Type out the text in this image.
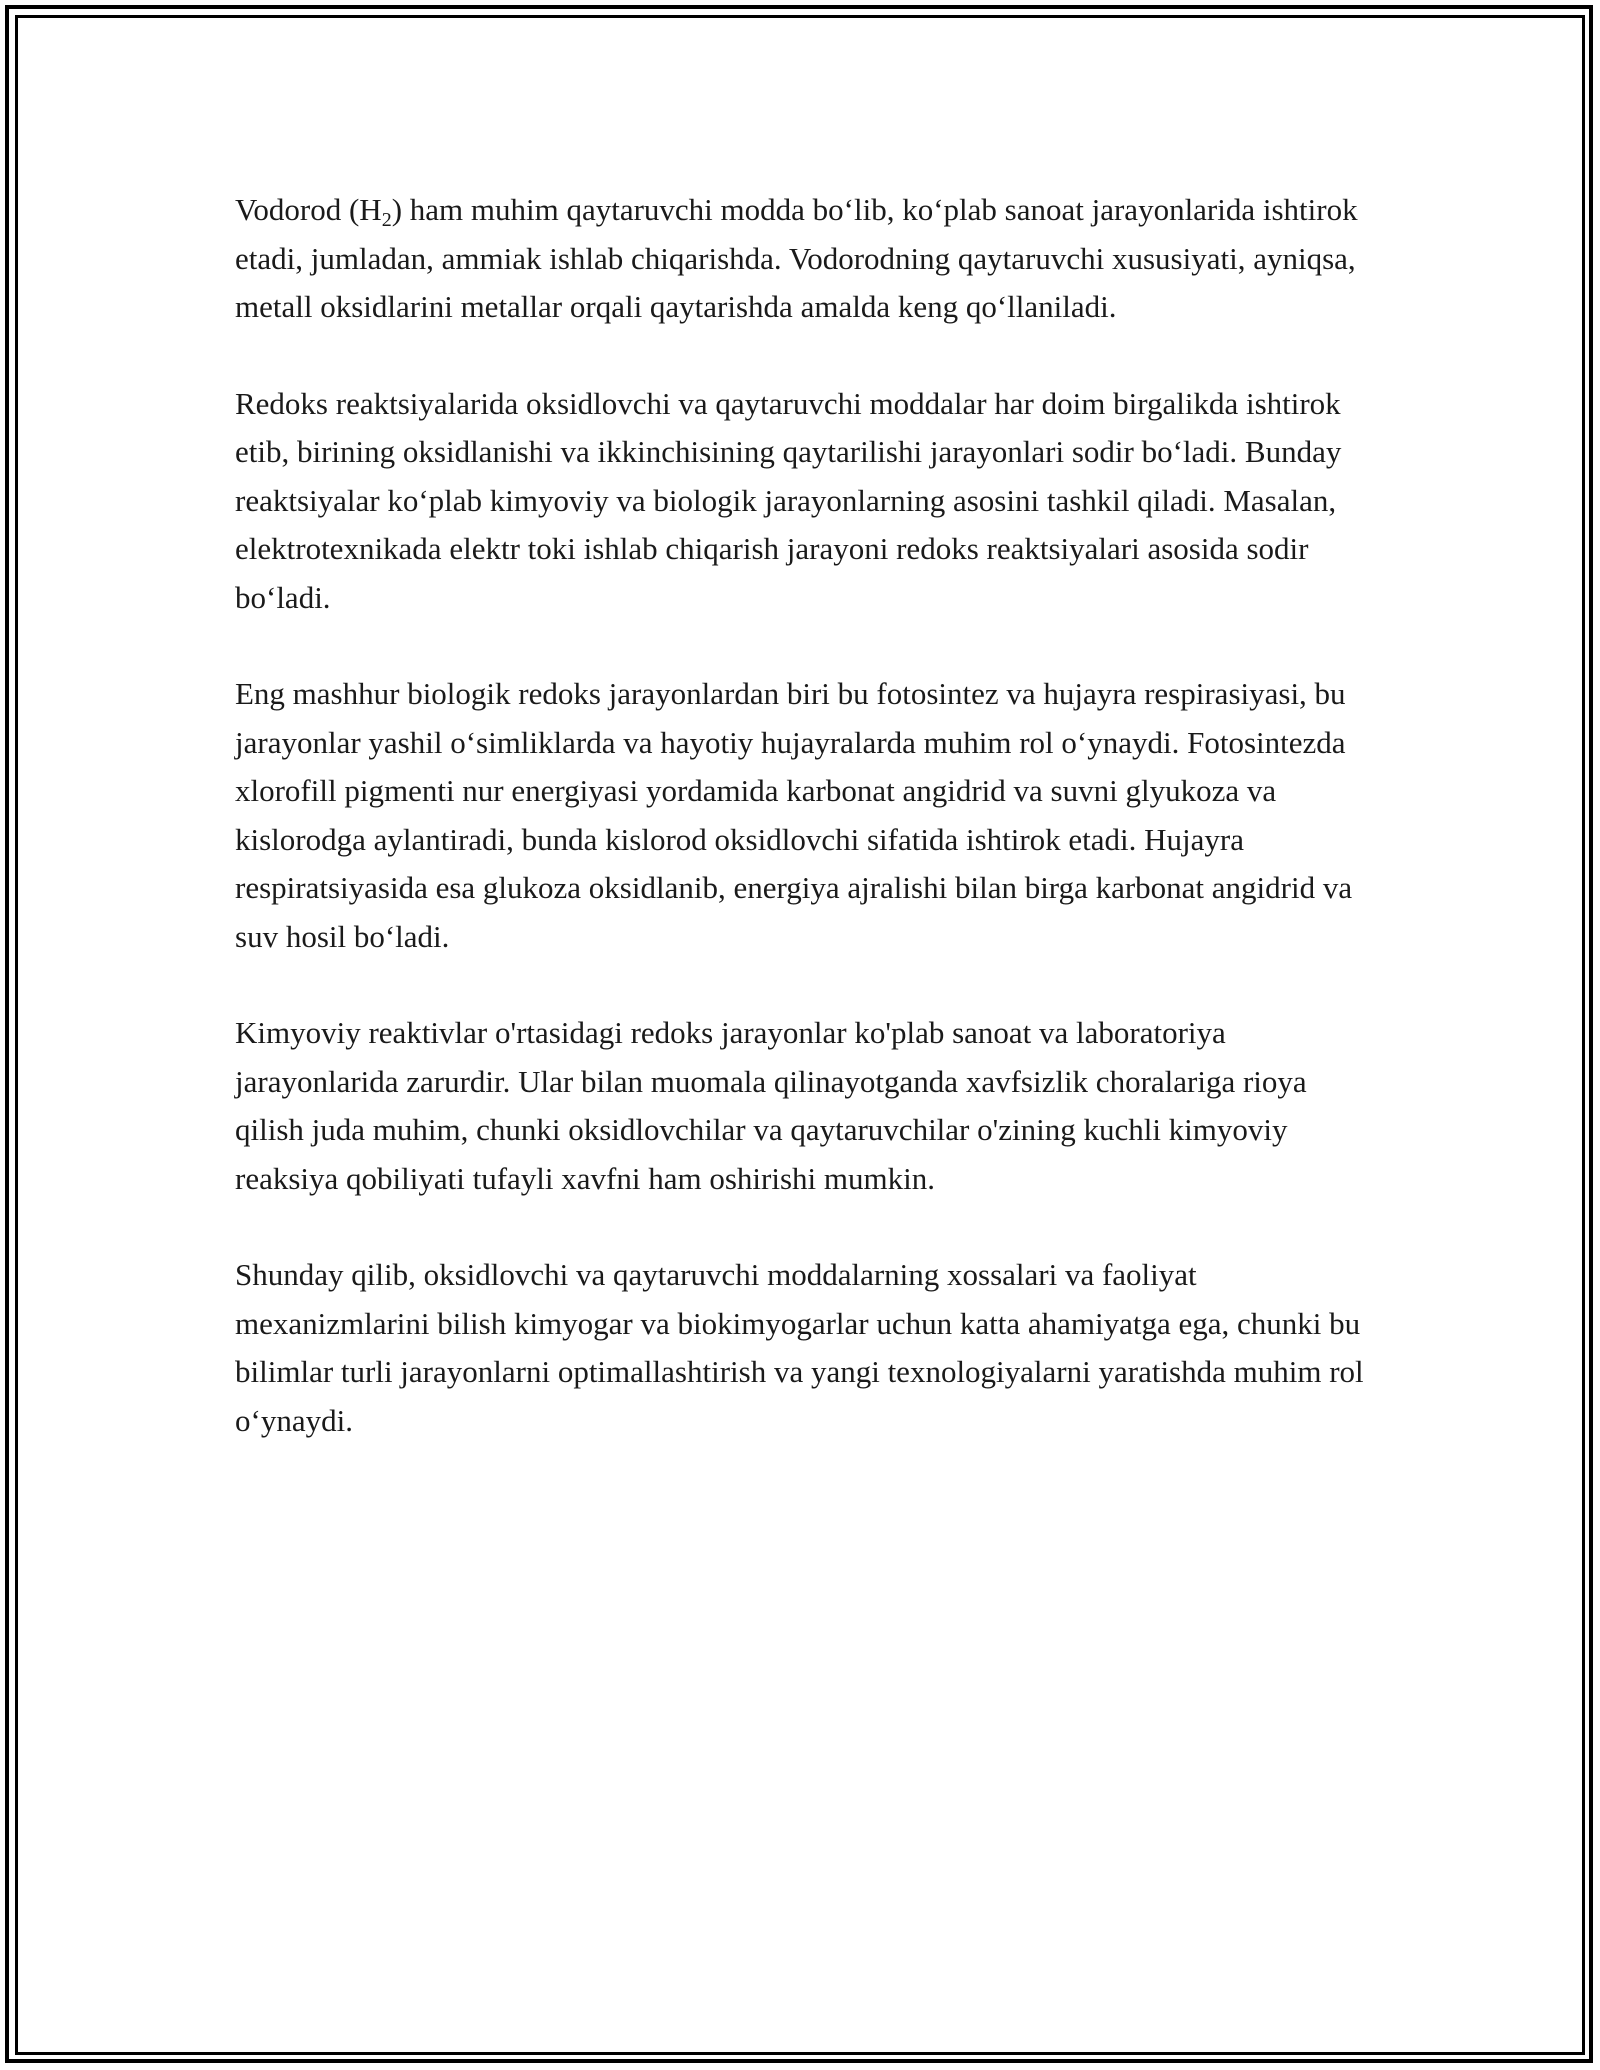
Vodorod $(H_2)$ ham muhim qaytaruvchi modda bo‘lib, ko‘plab sanoat jarayonlarida ishtirok etadi, jumladan, ammiak ishlab chiqarishda. Vodorodning qaytaruvchi xususiyati, ayniqsa, metall oksidlarini metallar orqali qaytarishda amalda keng qo‘llaniladi.

Redoks reaktsiyalarida oksidlovchi va qaytaruvchi moddalar har doim birgalikda ishtirok etib, birining oksidlanishi va ikkinchisining qaytarilishi jarayonlari sodir bo‘ladi. Bunday reaktsiyalar ko‘plab kimyoviy va biologik jarayonlarning asosini tashkil qiladi. Masalan, elektrotexnikada elektr toki ishlab chiqarish jarayoni redoks reaktsiyalari asosida sodir bo‘ladi.

Eng mashhur biologik redoks jarayonlardan biri bu fotosintez va hujayra respirasiyasi, bu jarayonlar yashil o‘simliklarda va hayotiy hujayralarda muhim rol o‘ynaydi. Fotosintezda xlorofill pigmenti nur energiyasi yordamida karbonat angidrid va suvni glyukoza va kislorodga aylantiradi, bunda kislorod oksidlovchi sifatida ishtirok etadi. Hujayra respiratsiyasida esa glukoza oksidlanib, energiya ajralishi bilan birga karbonat angidrid va suv hosil bo‘ladi.

Kimyoviy reaktivlar o'rtasidagi redoks jarayonlar ko'plab sanoat va laboratoriya jarayonlarida zarurdir. Ular bilan muomala qilinayotganda xavfsizlik choralariga rioya qilish juda muhim, chunki oksidlovchilar va qaytaruvchilar o'zining kuchli kimyoviy reaksiya qobiliyati tufayli xavfni ham oshirishi mumkin.

Shunday qilib, oksidlovchi va qaytaruvchi moddalarning xossalari va faoliyat mexanizmlarini bilish kimyogar va biokimyogarlar uchun katta ahamiyatga ega, chunki bu bilimlar turli jarayonlarni optimallashtirish va yangi texnologiyalarni yaratishda muhim rol o‘ynaydi.
